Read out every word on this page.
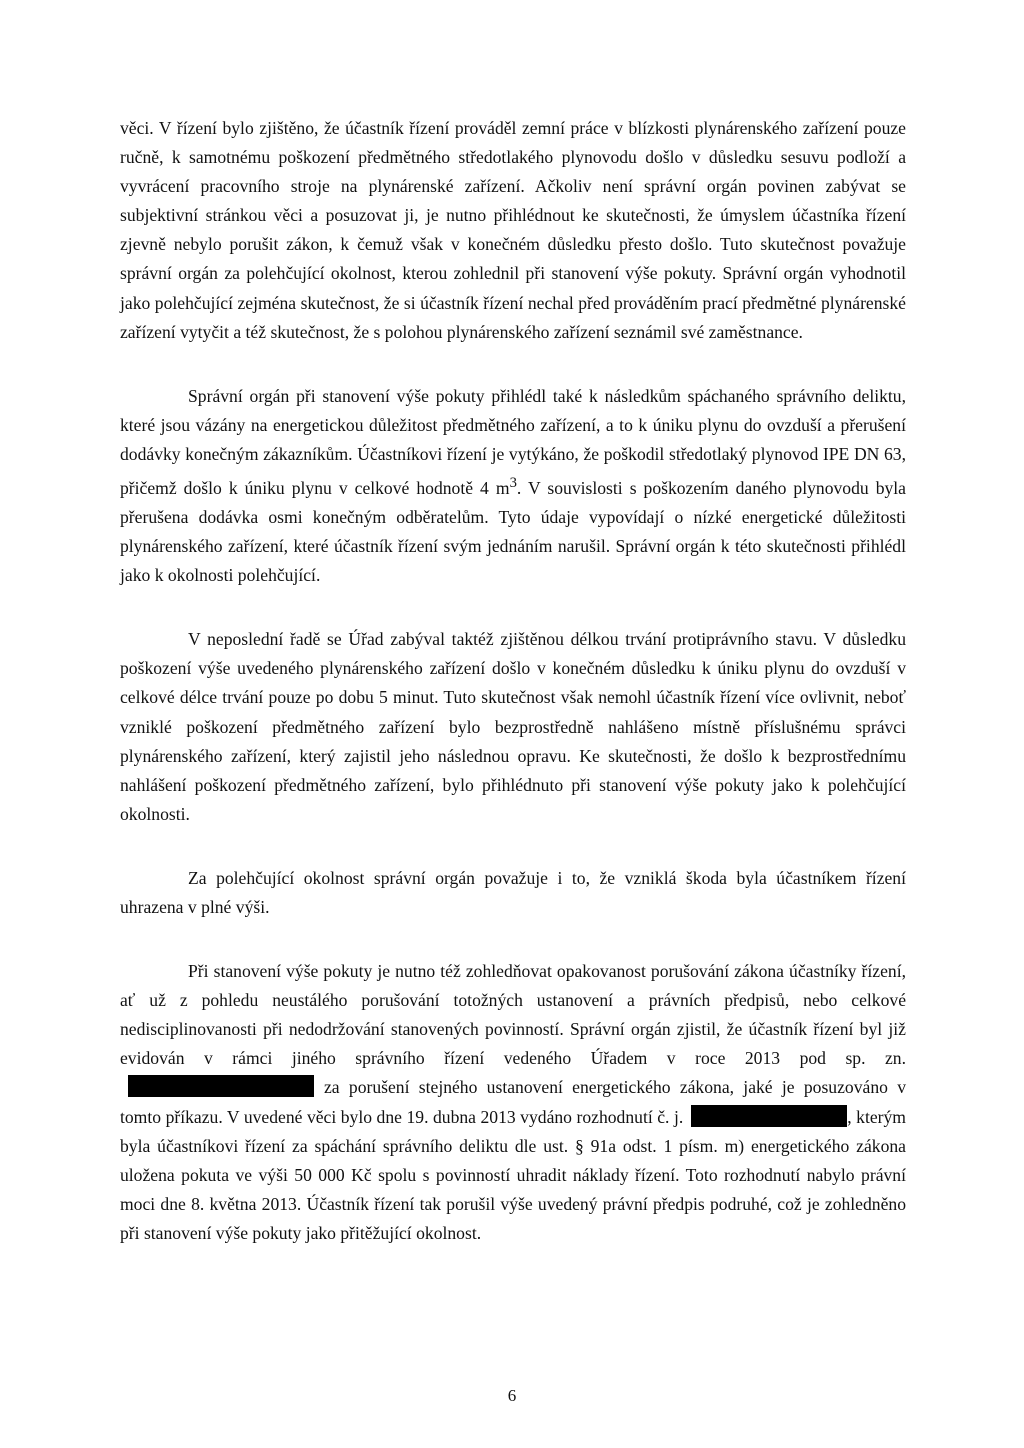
věci. V řízení bylo zjištěno, že účastník řízení prováděl zemní práce v blízkosti plynárenského zařízení pouze ručně, k samotnému poškození předmětného středotlakého plynovodu došlo v důsledku sesuvu podloží a vyvrácení pracovního stroje na plynárenské zařízení. Ačkoliv není správní orgán povinen zabývat se subjektivní stránkou věci a posuzovat ji, je nutno přihlédnout ke skutečnosti, že úmyslem účastníka řízení zjevně nebylo porušit zákon, k čemuž však v konečném důsledku přesto došlo. Tuto skutečnost považuje správní orgán za polehčující okolnost, kterou zohlednil při stanovení výše pokuty. Správní orgán vyhodnotil jako polehčující zejména skutečnost, že si účastník řízení nechal před prováděním prací předmětné plynárenské zařízení vytyčit a též skutečnost, že s polohou plynárenského zařízení seznámil své zaměstnance.

Správní orgán při stanovení výše pokuty přihlédl také k následkům spáchaného správního deliktu, které jsou vázány na energetickou důležitost předmětného zařízení, a to k úniku plynu do ovzduší a přerušení dodávky konečným zákazníkům. Účastníkovi řízení je vytýkáno, že poškodil středotlaký plynovod IPE DN 63, přičemž došlo k úniku plynu v celkové hodnotě 4 $m^3$. V souvislosti s poškozením daného plynovodu byla přerušena dodávka osmi konečným odběratelům. Tyto údaje vypovídají o nízké energetické důležitosti plynárenského zařízení, které účastník řízení svým jednáním narušil. Správní orgán k této skutečnosti přihlédl jako k okolnosti polehčující.

V neposlední řadě se Úřad zabýval taktéž zjištěnou délkou trvání protiprávního stavu. V důsledku poškození výše uvedeného plynárenského zařízení došlo v konečném důsledku k úniku plynu do ovzduší v celkové délce trvání pouze po dobu 5 minut. Tuto skutečnost však nemohl účastník řízení více ovlivnit, neboť vzniklé poškození předmětného zařízení bylo bezprostředně nahlášeno místně příslušnému správci plynárenského zařízení, který zajistil jeho následnou opravu. Ke skutečnosti, že došlo k bezprostřednímu nahlášení poškození předmětného zařízení, bylo přihlédnuto při stanovení výše pokuty jako k polehčující okolnosti.

Za polehčující okolnost správní orgán považuje i to, že vzniklá škoda byla účastníkem řízení uhrazena v plné výši.

Při stanovení výše pokuty je nutno též zohledňovat opakovanost porušování zákona účastníky řízení, ať už z pohledu neustálého porušování totožných ustanovení a právních předpisů, nebo celkové nedisciplinovanosti při nedodržování stanovených povinností. Správní orgán zjistil, že účastník řízení byl již evidován v rámci jiného správního řízení vedeného Úřadem v roce 2013 pod sp. zn.za porušení stejného ustanovení energetického zákona, jaké je posuzováno v tomto příkazu. V uvedené věci bylo dne 19. dubna 2013 vydáno rozhodnutí č. j.	, kterým byla účastníkovi řízení za spáchání správního deliktu dle ust. § 91a odst. 1 písm. m) energetického zákona uložena pokuta ve výši 50 000 Kč spolu s povinností uhradit náklady řízení. Toto rozhodnutí nabylo právní moci dne 8. května 2013. Účastník řízení tak porušil výše uvedený právní předpis podruhé, což je zohledněno při stanovení výše pokuty jako přitěžující okolnost.

6
